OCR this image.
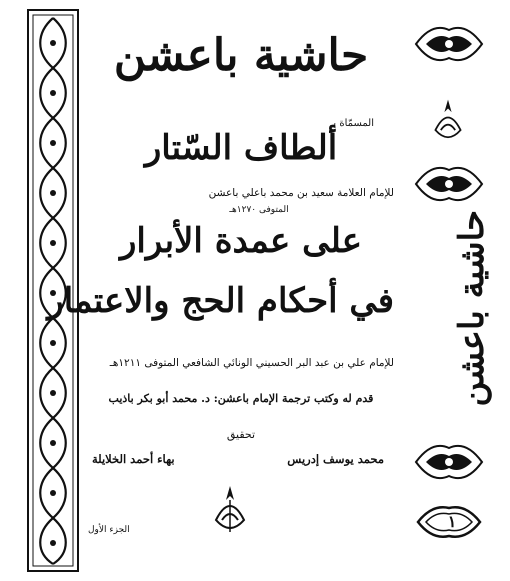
حاشية باعشن
المسمّاة بـ
ألطاف السّتار
للإمام العلامة سعيد بن محمد باعلي باعشن
المتوفى ١٢٧٠هـ
على عمدة الأبرار
في أحكام الحج والاعتمار
للإمام علي بن عبد البر الحسيني الونائي الشافعي المتوفى ١٢١١هـ
قدم له وكتب ترجمة الإمام باعشن: د. محمد أبو بكر باذيب
تحقيق
محمد يوسف إدريس
بهاء أحمد الخلايلة
الجزء الأول
حاشية باعشن
١
